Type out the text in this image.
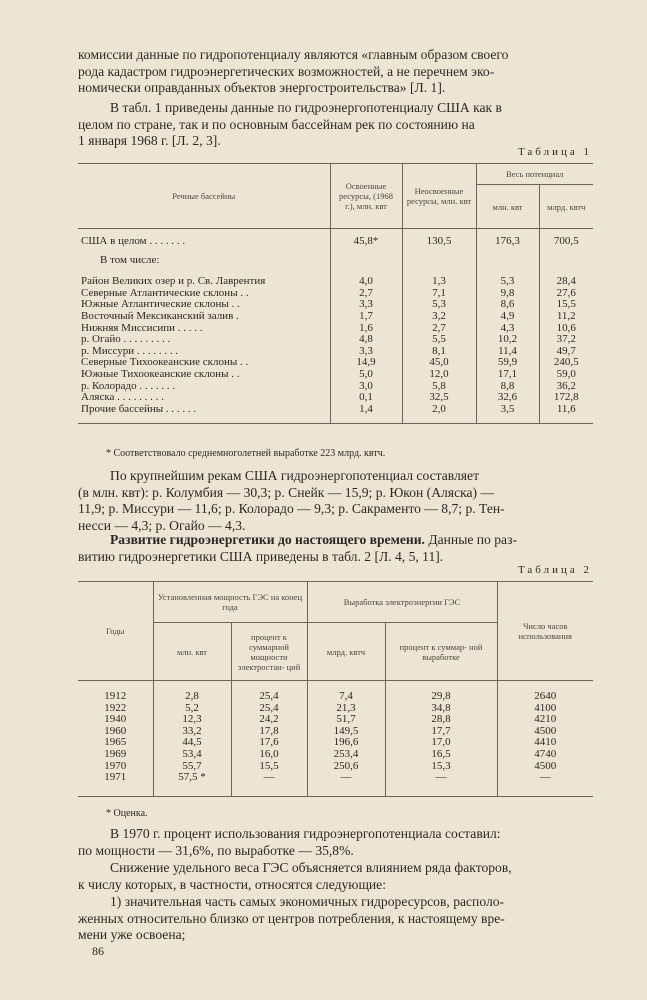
комиссии данные по гидропотенциалу являются «главным образом своего
рода кадастром гидроэнергетических возможностей, а не перечнем эко-
номически оправданных объектов энергостроительства» [Л. 1].
В табл. 1 приведены данные по гидроэнергопотенциалу США как в
целом по стране, так и по основным бассейнам рек по состоянию на
1 января 1968 г. [Л. 2, 3].
Таблица 1
Речные бассейны	Освоенные ресурсы, (1968 г.), млн. квт	Неосвоенные ресурсы, млн. квт	Весь потенциал	
			млн. квт	млрд. квтч

США в целом . . . . . . .	45,8*	130,5	176,3	700,5

В том числе:				

Район Великих озер и р. Св. Лаврентия	4,0	1,3	5,3	28,4
Северные Атлантические склоны . .	2,7	7,1	9,8	27,6
Южные Атлантические склоны . .	3,3	5,3	8,6	15,5
Восточный Мексиканский залив .	1,7	3,2	4,9	11,2
Нижняя Миссисипи . . . . .	1,6	2,7	4,3	10,6
р. Огайо . . . . . . . . .	4,8	5,5	10,2	37,2
р. Миссури . . . . . . . .	3,3	8,1	11,4	49,7
Северные Тихоокеанские склоны . .	14,9	45,0	59,9	240,5
Южные Тихоокеанские склоны . .	5,0	12,0	17,1	59,0
р. Колорадо . . . . . . .	3,0	5,8	8,8	36,2
Аляска . . . . . . . . .	0,1	32,5	32,6	172,8
Прочие бассейны . . . . . .	1,4	2,0	3,5	11,6

* Соответствовало среднемноголетней выработке 223 млрд. квтч.
По крупнейшим рекам США гидроэнергопотенциал составляет
(в млн. квт): р. Колумбия — 30,3; р. Снейк — 15,9; р. Юкон (Аляска) —
11,9; р. Миссури — 11,6; р. Колорадо — 9,3; р. Сакраменто — 8,7; р. Тен-
несси — 4,3; р. Огайо — 4,3.
Развитие гидроэнергетики до настоящего времени. Данные по раз-
витию гидроэнергетики США приведены в табл. 2 [Л. 4, 5, 11].
Таблица 2
Годы	Установленная мощность ГЭС на конец года		Выработка электроэнергии ГЭС		Число часов использования
	млн. квт	процент к суммарной мощности электростан- ций	млрд. квтч	процент к суммар- ной выработке	

1912	2,8	25,4	7,4	29,8	2640
1922	5,2	25,4	21,3	34,8	4100
1940	12,3	24,2	51,7	28,8	4210
1960	33,2	17,8	149,5	17,7	4500
1965	44,5	17,6	196,6	17,0	4410
1969	53,4	16,0	253,4	16,5	4740
1970	55,7	15,5	250,6	15,3	4500
1971	57,5 *	—	—	—	—

* Оценка.
В 1970 г. процент использования гидроэнергопотенциала составил:
по мощности — 31,6%, по выработке — 35,8%.
Снижение удельного веса ГЭС объясняется влиянием ряда факторов,
к числу которых, в частности, относятся следующие:
1) значительная часть самых экономичных гидроресурсов, располо-
женных относительно близко от центров потребления, к настоящему вре-
мени уже освоена;
86
